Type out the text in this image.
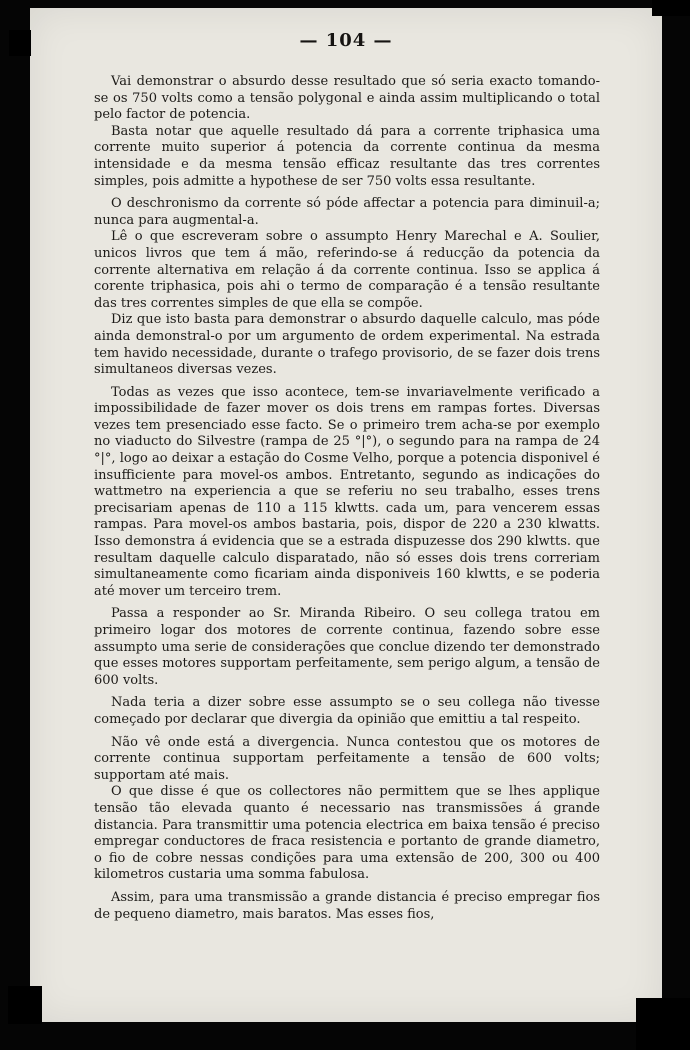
— 104 —

Vai demonstrar o absurdo desse resultado que só seria exacto tomando-se os 750 volts como a tensão polygonal e ainda assim multiplicando o total pelo factor de potencia.

Basta notar que aquelle resultado dá para a corrente triphasica uma corrente muito superior á potencia da corrente continua da mesma intensidade e da mesma tensão efficaz resultante das tres correntes simples, pois admitte a hypothese de ser 750 volts essa resultante.

O deschronismo da corrente só póde affectar a potencia para diminuil-a; nunca para augmental-a.

Lê o que escreveram sobre o assumpto Henry Marechal e A. Soulier, unicos livros que tem á mão, referindo-se á reducção da potencia da corrente alternativa em relação á da corrente continua. Isso se applica á corente triphasica, pois ahi o termo de comparação é a tensão resultante das tres correntes simples de que ella se compõe.

Diz que isto basta para demonstrar o absurdo daquelle calculo, mas póde ainda demonstral-o por um argumento de ordem experimental. Na estrada tem havido necessidade, durante o trafego provisorio, de se fazer dois trens simultaneos diversas vezes.

Todas as vezes que isso acontece, tem-se invariavelmente verificado a impossibilidade de fazer mover os dois trens em rampas fortes. Diversas vezes tem presenciado esse facto. Se o primeiro trem acha-se por exemplo no viaducto do Silvestre (rampa de 25 °|°), o segundo para na rampa de 24 °|°, logo ao deixar a estação do Cosme Velho, porque a potencia disponivel é insufficiente para movel-os ambos. Entretanto, segundo as indicações do wattmetro na experiencia a que se referiu no seu trabalho, esses trens precisariam apenas de 110 a 115 klwtts. cada um, para vencerem essas rampas. Para movel-os ambos bastaria, pois, dispor de 220 a 230 klwatts. Isso demonstra á evidencia que se a estrada dispuzesse dos 290 klwtts. que resultam daquelle calculo disparatado, não só esses dois trens correriam simultaneamente como ficariam ainda disponiveis 160 klwtts, e se poderia até mover um terceiro trem.

Passa a responder ao Sr. Miranda Ribeiro. O seu collega tratou em primeiro logar dos motores de corrente continua, fazendo sobre esse assumpto uma serie de considerações que conclue dizendo ter demonstrado que esses motores supportam perfeitamente, sem perigo algum, a tensão de 600 volts.

Nada teria a dizer sobre esse assumpto se o seu collega não tivesse começado por declarar que divergia da opinião que emittiu a tal respeito.

Não vê onde está a divergencia. Nunca contestou que os motores de corrente continua supportam perfeitamente a tensão de 600 volts; supportam até mais.

O que disse é que os collectores não permittem que se lhes applique tensão tão elevada quanto é necessario nas transmissões á grande distancia. Para transmittir uma potencia electrica em baixa tensão é preciso empregar conductores de fraca resistencia e portanto de grande diametro, o fio de cobre nessas condições para uma extensão de 200, 300 ou 400 kilometros custaria uma somma fabulosa.

Assim, para uma transmissão a grande distancia é preciso empregar fios de pequeno diametro, mais baratos. Mas esses fios,
